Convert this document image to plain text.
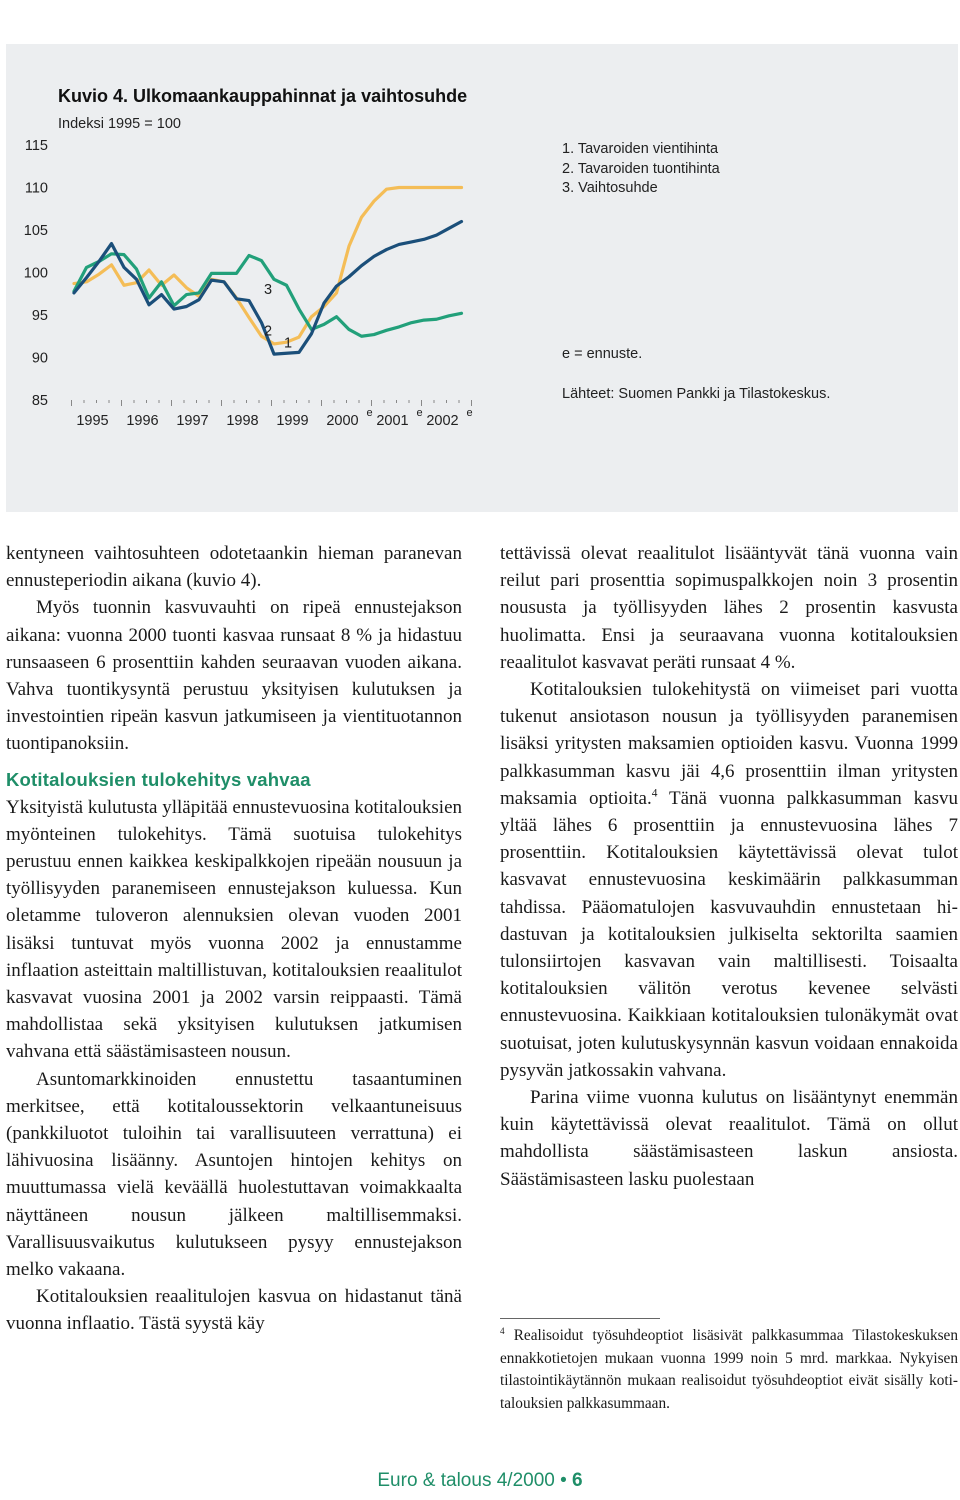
85
90
95
100
105
110
115
1995 1996 1997 1998 1999 2000 e 2001 e 2002 e
1
2
3
Kuvio 4. Ulkomaankauppahinnat ja vaihtosuhde
Indeksi 1995 = 100
1. Tavaroiden vientihinta
2. Tavaroiden tuontihinta
3. Vaihtosuhde
e = ennuste.
Lähteet: Suomen Pankki ja Tilastokeskus.

kentyneen vaihtosuhteen odotetaankin hieman paranevan ennusteperiodin aikana (kuvio 4).

Myös tuonnin kasvuvauhti on ripeä ennustejakson aikana: vuonna 2000 tuonti kasvaa runsaat 8 % ja hidastuu runsaaseen 6 prosenttiin kahden seuraavan vuoden aikana. Vahva tuontikysyntä perustuu yksityisen kulutuksen ja investointien ripeän kasvun jatkumiseen ja vientituotannon tuontipanoksiin.

Kotitalouksien tulokehitys vahvaa

Yksityistä kulutusta ylläpitää ennustevuosina kotitalouksien myönteinen tulokehitys. Tämä suotuisa tulokehitys perustuu ennen kaikkea keskipalkkojen ripeään nousuun ja työllisyyden paranemiseen ennustejakson kuluessa. Kun oletamme tuloveron alennuksien olevan vuoden 2001 lisäksi tuntuvat myös vuonna 2002 ja ennustamme inflaation asteittain maltillistuvan, kotitalouksien reaalitulot kasvavat vuosina 2001 ja 2002 varsin reippaasti. Tämä mahdollistaa sekä yksityisen kulutuksen jatkumisen vahvana että säästämisasteen nousun.

Asuntomarkkinoiden ennustettu tasaantuminen merkitsee, että kotitaloussektorin velkaantuneisuus (pankkiluotot tuloihin tai varallisuuteen verrattuna) ei lähivuosina lisäänny. Asuntojen hintojen kehitys on muuttumassa vielä keväällä huolestuttavan voimakkaalta näyttäneen nousun jälkeen maltillisemmaksi. Varallisuusvaikutus kulutukseen pysyy ennustejakson melko vakaana.

Kotitalouksien reaalitulojen kasvua on hidastanut tänä vuonna inflaatio. Tästä syystä käy

tettävissä olevat reaalitulot lisääntyvät tänä vuonna vain reilut pari prosenttia sopimuspalkkojen noin 3 prosentin noususta ja työllisyyden lähes 2 prosentin kasvusta huolimatta. Ensi ja seuraavana vuonna kotitalouksien reaalitulot kasvavat peräti runsaat 4 %.

Kotitalouksien tulokehitystä on viimeiset pari vuotta tukenut ansiotason nousun ja työllisyyden paranemisen lisäksi yritysten maksamien optioiden kasvu. Vuonna 1999 palkkasumman kasvu jäi 4,6 prosenttiin ilman yritysten maksamia optioita.$^4$ Tänä vuonna palkkasumman kasvu yltää lähes 6 prosenttiin ja ennustevuosina lähes 7 prosenttiin. Kotitalouksien käytettävissä olevat tulot kasvavat ennustevuosina keskimäärin palkkasumman tahdissa. Pääomatulojen kasvuvauhdin ennustetaan hidastuvan ja kotitalouksien julkiselta sektorilta saamien tulonsiirtojen kasvavan vain maltillisesti. Toisaalta kotitalouksien välitön verotus kevenee selvästi ennustevuosina. Kaikkiaan kotitalouksien tulonäkymät ovat suotuisat, joten kulutuskysynnän kasvun voidaan ennakoida pysyvän jatkossakin vahvana.

Parina viime vuonna kulutus on lisääntynyt enemmän kuin käytettävissä olevat reaalitulot. Tämä on ollut mahdollista säästämisasteen laskun ansiosta. Säästämisasteen lasku puolestaan

$^4$ Realisoidut työsuhdeoptiot lisäsivät palkkasummaa Tilastokeskuksen ennakkotietojen mukaan vuonna 1999 noin 5 mrd. markkaa. Nykyisen tilastointikäytännön mukaan realisoidut työsuhdeoptiot eivät sisälly kotitalouksien palkkasummaan.
Euro & talous 4/2000 • 6
